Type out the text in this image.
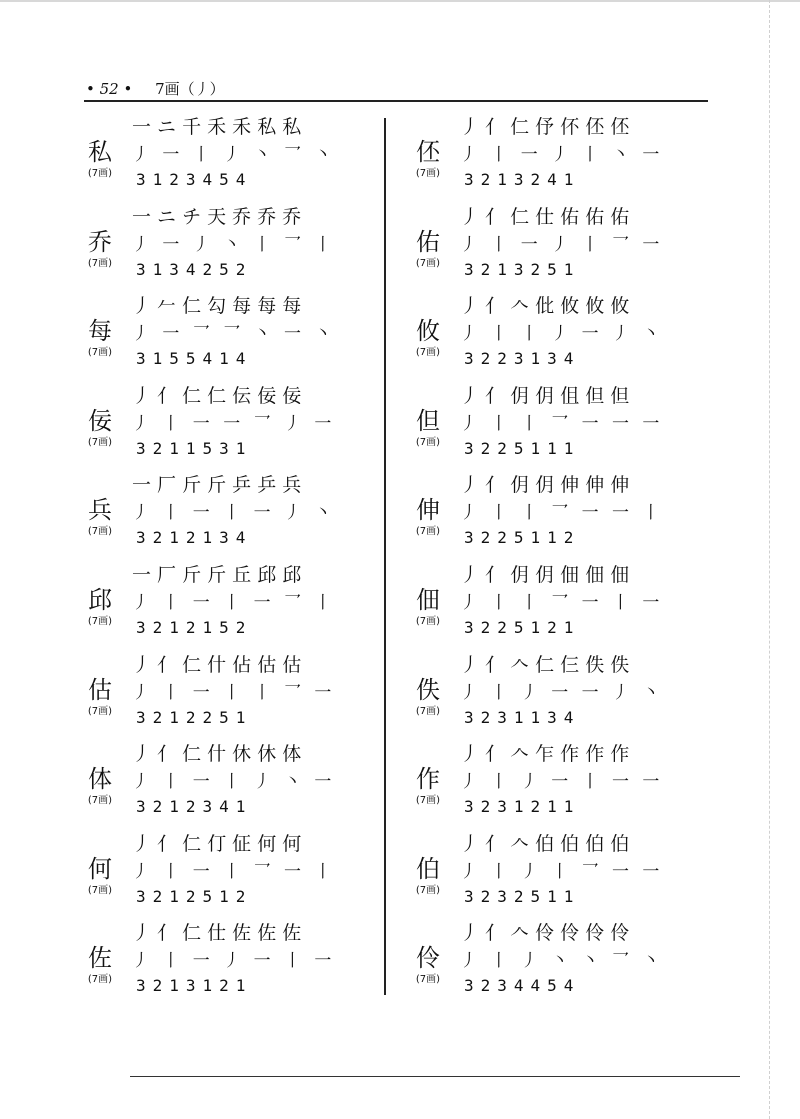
• 52 • 7画（丿）
私
(7画)
一 ニ 千 禾 禾 私 私
丿 一 丨 丿 丶 乛 丶
3123454
乔
(7画)
一 ニ チ 天 乔 乔 乔
丿 一 丿 丶 丨 乛 丨
3134252
每
(7画)
丿 𠂉 仁 勾 每 每 每
丿 一 乛 乛 丶 一 丶
3155414
佞
(7画)
丿 亻 仁 仁 伝 佞 佞
丿 丨 一 一 乛 丿 一
3211531
兵
(7画)
一 厂 斤 斤 乒 乒 兵
丿 丨 一 丨 一 丿 丶
3212134
邱
(7画)
一 厂 斤 斤 丘 邱 邱
丿 丨 一 丨 一 乛 丨
3212152
估
(7画)
丿 亻 仁 什 佔 估 估
丿 丨 一 丨 丨 乛 一
3212251
体
(7画)
丿 亻 仁 什 休 休 体
丿 丨 一 丨 丿 丶 一
3212341
何
(7画)
丿 亻 仁 仃 佂 何 何
丿 丨 一 丨 乛 一 丨
3212512
佐
(7画)
丿 亻 仁 仕 佐 佐 佐
丿 丨 一 丿 一 丨 一
3213121
伾
(7画)
丿 亻 仁 伃 伓 伾 伾
丿 丨 一 丿 丨 丶 一
3213241
佑
(7画)
丿 亻 仁 仕 佑 佑 佑
丿 丨 一 丿 丨 乛 一
3213251
攸
(7画)
丿 亻 𠆢 仳 攸 攸 攸
丿 丨 丨 丿 一 丿 丶
3223134
但
(7画)
丿 亻 仴 仴 伹 但 但
丿 丨 丨 乛 一 一 一
3225111
伸
(7画)
丿 亻 仴 仴 伸 伸 伸
丿 丨 丨 乛 一 一 丨
3225112
佃
(7画)
丿 亻 仴 仴 佃 佃 佃
丿 丨 丨 乛 一 丨 一
3225121
佚
(7画)
丿 亻 𠆢 仁 仨 佚 佚
丿 丨 丿 一 一 丿 丶
3231134
作
(7画)
丿 亻 𠆢 乍 作 作 作
丿 丨 丿 一 丨 一 一
3231211
伯
(7画)
丿 亻 𠆢 伯 伯 伯 伯
丿 丨 丿 丨 乛 一 一
3232511
伶
(7画)
丿 亻 𠆢 伶 伶 伶 伶
丿 丨 丿 丶 丶 乛 丶
3234454
